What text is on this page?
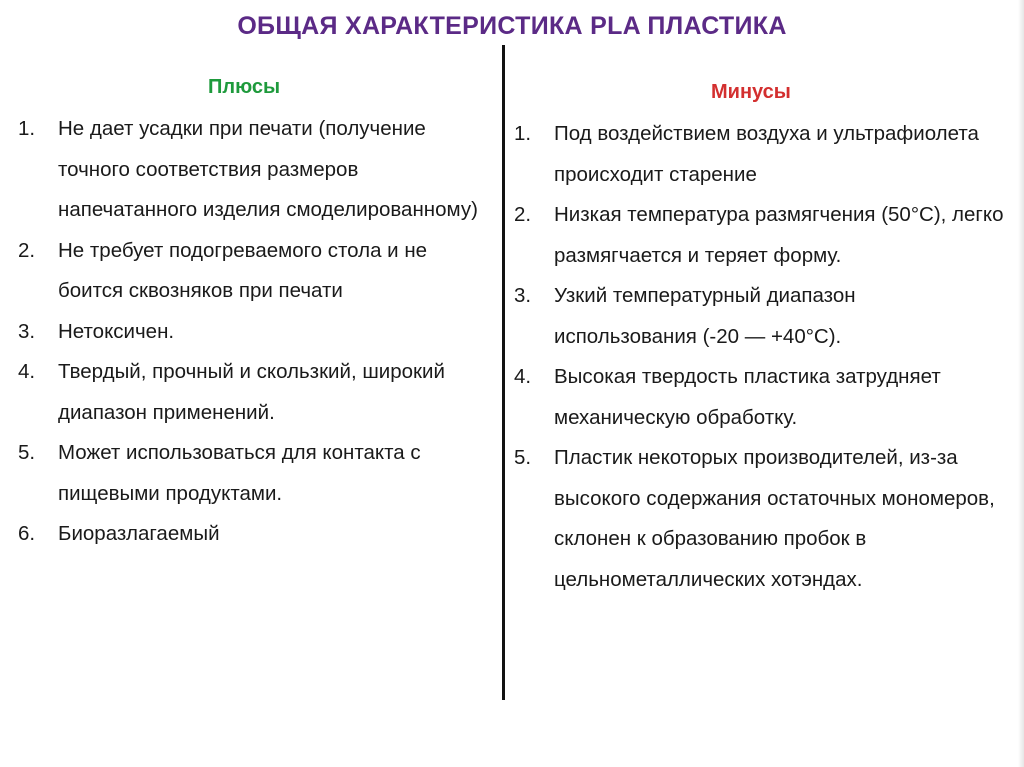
ОБЩАЯ ХАРАКТЕРИСТИКА PLA ПЛАСТИКА
Плюсы
1.	Не дает усадки при печати (получение точного соответствия размеров напечатанного изделия смоделированному)
2.	Не требует подогреваемого стола и не боится сквозняков при печати
3.	Нетоксичен.
4.	Твердый, прочный и скользкий, широкий диапазон применений.
5.	Может использоваться для контакта с пищевыми продуктами.
6.	Биоразлагаемый
Минусы
1.	Под воздействием воздуха и ультрафиолета происходит старение
2.	Низкая температура размягчения (50°С), легко размягчается и теряет форму.
3.	Узкий температурный диапазон использования (-20 — +40°С).
4.	Высокая твердость пластика затрудняет механическую обработку.
5.	Пластик некоторых производителей, из-за высокого содержания остаточных мономеров, склонен к образованию пробок в цельнометаллических хотэндах.
